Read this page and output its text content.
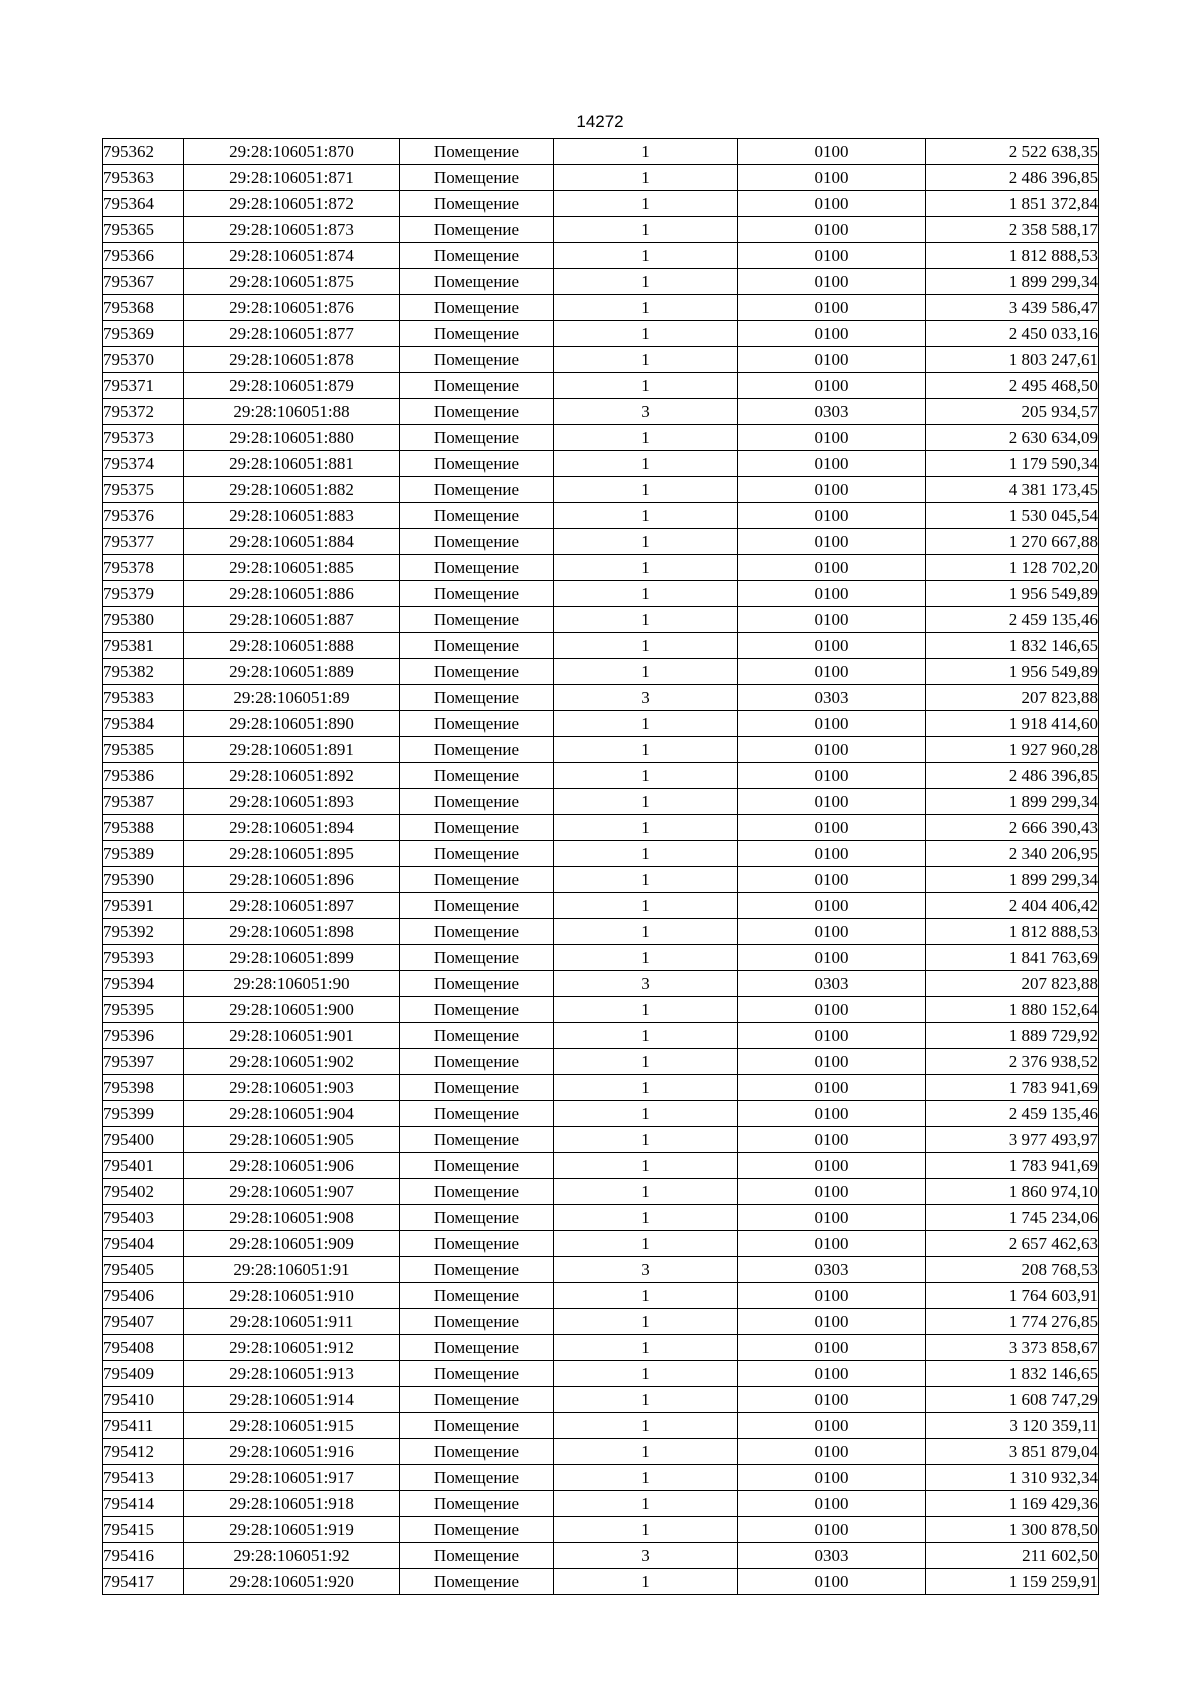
14272
795362	29:28:106051:870	Помещение	1	0100	2 522 638,35
795363	29:28:106051:871	Помещение	1	0100	2 486 396,85
795364	29:28:106051:872	Помещение	1	0100	1 851 372,84
795365	29:28:106051:873	Помещение	1	0100	2 358 588,17
795366	29:28:106051:874	Помещение	1	0100	1 812 888,53
795367	29:28:106051:875	Помещение	1	0100	1 899 299,34
795368	29:28:106051:876	Помещение	1	0100	3 439 586,47
795369	29:28:106051:877	Помещение	1	0100	2 450 033,16
795370	29:28:106051:878	Помещение	1	0100	1 803 247,61
795371	29:28:106051:879	Помещение	1	0100	2 495 468,50
795372	29:28:106051:88	Помещение	3	0303	205 934,57
795373	29:28:106051:880	Помещение	1	0100	2 630 634,09
795374	29:28:106051:881	Помещение	1	0100	1 179 590,34
795375	29:28:106051:882	Помещение	1	0100	4 381 173,45
795376	29:28:106051:883	Помещение	1	0100	1 530 045,54
795377	29:28:106051:884	Помещение	1	0100	1 270 667,88
795378	29:28:106051:885	Помещение	1	0100	1 128 702,20
795379	29:28:106051:886	Помещение	1	0100	1 956 549,89
795380	29:28:106051:887	Помещение	1	0100	2 459 135,46
795381	29:28:106051:888	Помещение	1	0100	1 832 146,65
795382	29:28:106051:889	Помещение	1	0100	1 956 549,89
795383	29:28:106051:89	Помещение	3	0303	207 823,88
795384	29:28:106051:890	Помещение	1	0100	1 918 414,60
795385	29:28:106051:891	Помещение	1	0100	1 927 960,28
795386	29:28:106051:892	Помещение	1	0100	2 486 396,85
795387	29:28:106051:893	Помещение	1	0100	1 899 299,34
795388	29:28:106051:894	Помещение	1	0100	2 666 390,43
795389	29:28:106051:895	Помещение	1	0100	2 340 206,95
795390	29:28:106051:896	Помещение	1	0100	1 899 299,34
795391	29:28:106051:897	Помещение	1	0100	2 404 406,42
795392	29:28:106051:898	Помещение	1	0100	1 812 888,53
795393	29:28:106051:899	Помещение	1	0100	1 841 763,69
795394	29:28:106051:90	Помещение	3	0303	207 823,88
795395	29:28:106051:900	Помещение	1	0100	1 880 152,64
795396	29:28:106051:901	Помещение	1	0100	1 889 729,92
795397	29:28:106051:902	Помещение	1	0100	2 376 938,52
795398	29:28:106051:903	Помещение	1	0100	1 783 941,69
795399	29:28:106051:904	Помещение	1	0100	2 459 135,46
795400	29:28:106051:905	Помещение	1	0100	3 977 493,97
795401	29:28:106051:906	Помещение	1	0100	1 783 941,69
795402	29:28:106051:907	Помещение	1	0100	1 860 974,10
795403	29:28:106051:908	Помещение	1	0100	1 745 234,06
795404	29:28:106051:909	Помещение	1	0100	2 657 462,63
795405	29:28:106051:91	Помещение	3	0303	208 768,53
795406	29:28:106051:910	Помещение	1	0100	1 764 603,91
795407	29:28:106051:911	Помещение	1	0100	1 774 276,85
795408	29:28:106051:912	Помещение	1	0100	3 373 858,67
795409	29:28:106051:913	Помещение	1	0100	1 832 146,65
795410	29:28:106051:914	Помещение	1	0100	1 608 747,29
795411	29:28:106051:915	Помещение	1	0100	3 120 359,11
795412	29:28:106051:916	Помещение	1	0100	3 851 879,04
795413	29:28:106051:917	Помещение	1	0100	1 310 932,34
795414	29:28:106051:918	Помещение	1	0100	1 169 429,36
795415	29:28:106051:919	Помещение	1	0100	1 300 878,50
795416	29:28:106051:92	Помещение	3	0303	211 602,50
795417	29:28:106051:920	Помещение	1	0100	1 159 259,91
